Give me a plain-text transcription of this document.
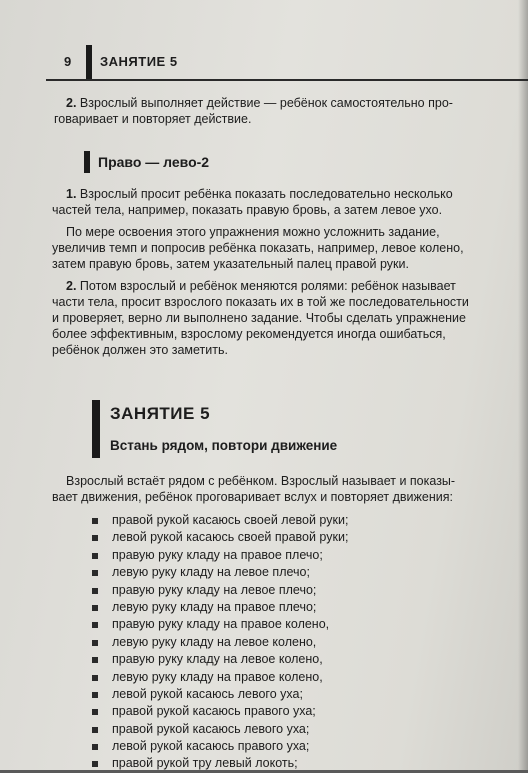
9 ЗАНЯТИЕ 5

2. Взрослый выполняет действие — ребёнок самостоятельно про-
говаривает и повторяет действие.

Право — лево-2

1. Взрослый просит ребёнка показать последовательно несколько
частей тела, например, показать правую бровь, а затем левое ухо.

По мере освоения этого упражнения можно усложнить задание,
увеличив темп и попросив ребёнка показать, например, левое колено,
затем правую бровь, затем указательный палец правой руки.

2. Потом взрослый и ребёнок меняются ролями: ребёнок называет
части тела, просит взрослого показать их в той же последовательности
и проверяет, верно ли выполнено задание. Чтобы сделать упражнение
более эффективным, взрослому рекомендуется иногда ошибаться,
ребёнок должен это заметить.

ЗАНЯТИЕ 5
Встань рядом, повтори движение

Взрослый встаёт рядом с ребёнком. Взрослый называет и показы-
вает движения, ребёнок проговаривает вслух и повторяет движения:

правой рукой касаюсь своей левой руки;
левой рукой касаюсь своей правой руки;
правую руку кладу на правое плечо;
левую руку кладу на левое плечо;
правую руку кладу на левое плечо;
левую руку кладу на правое плечо;
правую руку кладу на правое колено,
левую руку кладу на левое колено,
правую руку кладу на левое колено,
левую руку кладу на правое колено,
левой рукой касаюсь левого уха;
правой рукой касаюсь правого уха;
правой рукой касаюсь левого уха;
левой рукой касаюсь правого уха;
правой рукой тру левый локоть;
